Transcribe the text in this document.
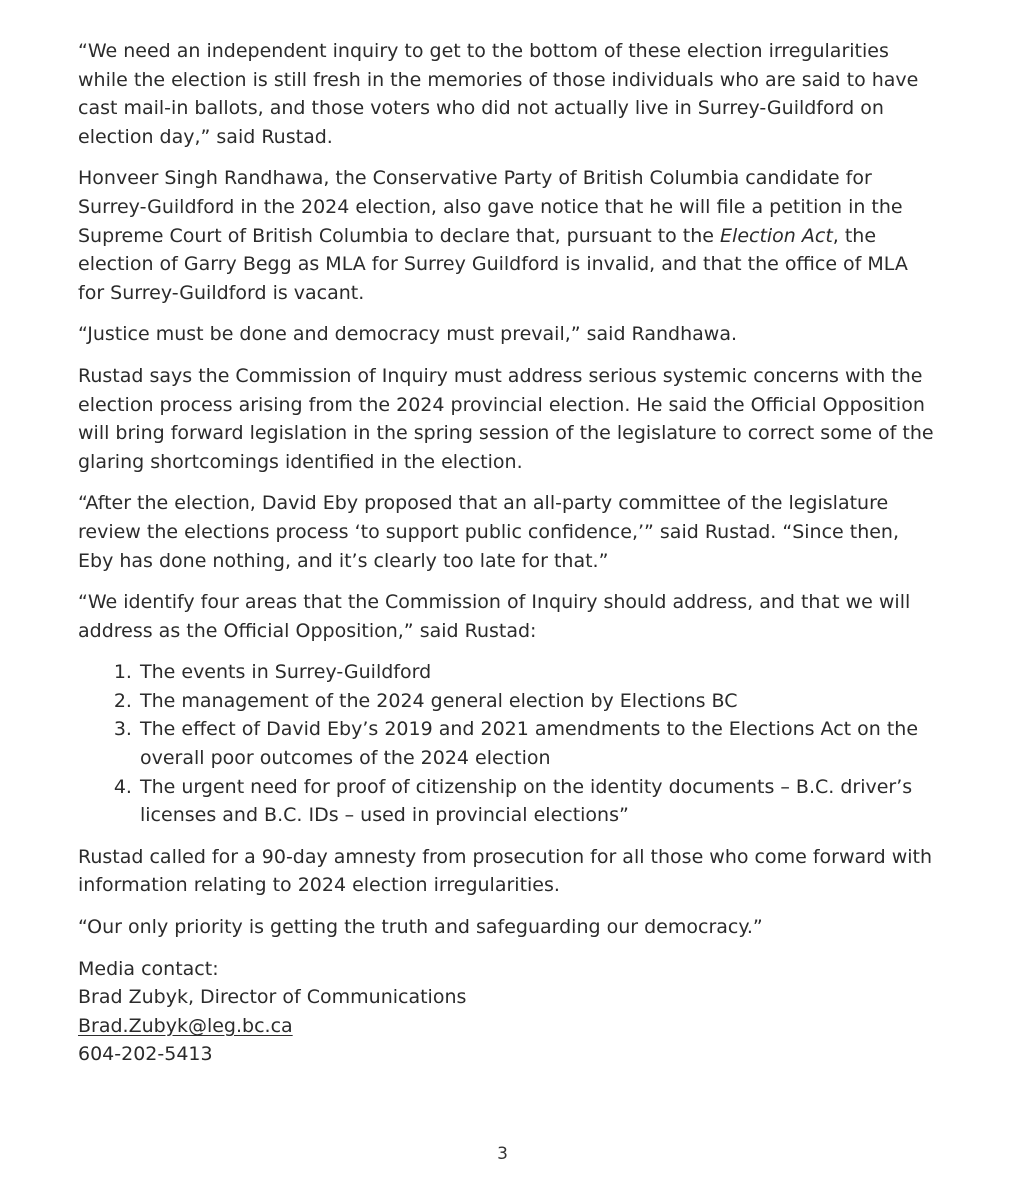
“We need an independent inquiry to get to the bottom of these election irregularities while the election is still fresh in the memories of those individuals who are said to have cast mail-in ballots, and those voters who did not actually live in Surrey-Guildford on election day,” said Rustad.

Honveer Singh Randhawa, the Conservative Party of British Columbia candidate for Surrey-Guildford in the 2024 election, also gave notice that he will file a petition in the Supreme Court of British Columbia to declare that, pursuant to the Election Act, the election of Garry Begg as MLA for Surrey Guildford is invalid, and that the office of MLA for Surrey-Guildford is vacant.

“Justice must be done and democracy must prevail,” said Randhawa.

Rustad says the Commission of Inquiry must address serious systemic concerns with the election process arising from the 2024 provincial election. He said the Official Opposition will bring forward legislation in the spring session of the legislature to correct some of the glaring shortcomings identified in the election.

“After the election, David Eby proposed that an all-party committee of the legislature review the elections process ‘to support public confidence,’” said Rustad. “Since then, Eby has done nothing, and it’s clearly too late for that.”

“We identify four areas that the Commission of Inquiry should address, and that we will address as the Official Opposition,” said Rustad:

1. The events in Surrey-Guildford
2. The management of the 2024 general election by Elections BC
3. The effect of David Eby’s 2019 and 2021 amendments to the Elections Act on the overall poor outcomes of the 2024 election
4. The urgent need for proof of citizenship on the identity documents – B.C. driver’s licenses and B.C. IDs – used in provincial elections”

Rustad called for a 90-day amnesty from prosecution for all those who come forward with information relating to 2024 election irregularities.

“Our only priority is getting the truth and safeguarding our democracy.”

Media contact:
Brad Zubyk, Director of Communications
Brad.Zubyk@leg.bc.ca
604-202-5413
3
